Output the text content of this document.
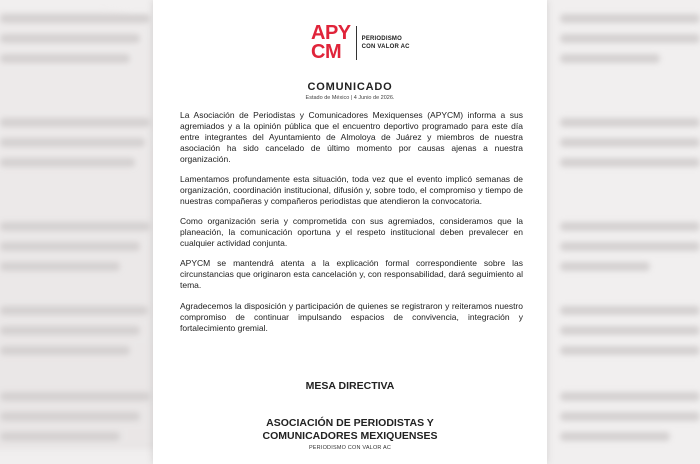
APY
CM
PERIODISMO
CON VALOR AC
COMUNICADO
Estado de México | 4 Junio de 2026.

La Asociación de Periodistas y Comunicadores Mexiquenses (APYCM) informa a sus agremiados y a la opinión pública que el encuentro deportivo programado para este día entre integrantes del Ayuntamiento de Almoloya de Juárez y miembros de nuestra asociación ha sido cancelado de último momento por causas ajenas a nuestra organización.

Lamentamos profundamente esta situación, toda vez que el evento implicó semanas de organización, coordinación institucional, difusión y, sobre todo, el compromiso y tiempo de nuestras compañeras y compañeros periodistas que atendieron la convocatoria.

Como organización seria y comprometida con sus agremiados, consideramos que la planeación, la comunicación oportuna y el respeto institucional deben prevalecer en cualquier actividad conjunta.

APYCM se mantendrá atenta a la explicación formal correspondiente sobre las circunstancias que originaron esta cancelación y, con responsabilidad, dará seguimiento al tema.

Agradecemos la disposición y participación de quienes se registraron y reiteramos nuestro compromiso de continuar impulsando espacios de convivencia, integración y fortalecimiento gremial.

MESA DIRECTIVA
ASOCIACIÓN DE PERIODISTAS Y
COMUNICADORES MEXIQUENSES
PERIODISMO CON VALOR AC
